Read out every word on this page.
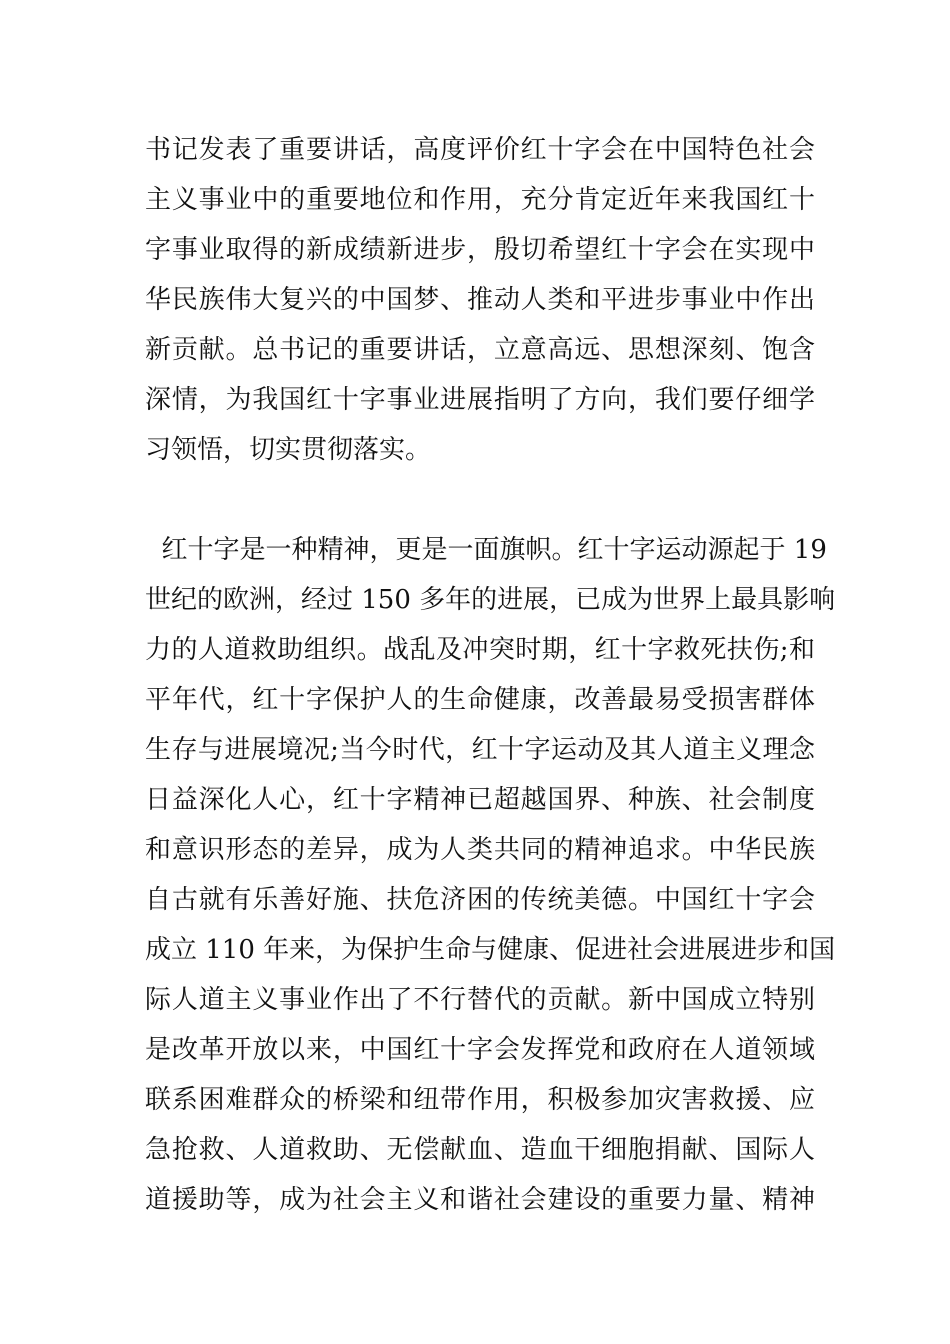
书记发表了重要讲话，高度评价红十字会在中国特色社会

主义事业中的重要地位和作用，充分肯定近年来我国红十

字事业取得的新成绩新进步，殷切希望红十字会在实现中

华民族伟大复兴的中国梦、推动人类和平进步事业中作出

新贡献。总书记的重要讲话，立意高远、思想深刻、饱含

深情，为我国红十字事业进展指明了方向，我们要仔细学

习领悟，切实贯彻落实。

红十字是一种精神，更是一面旗帜。红十字运动源起于 19

世纪的欧洲，经过 150 多年的进展，已成为世界上最具影响

力的人道救助组织。战乱及冲突时期，红十字救死扶伤;和

平年代，红十字保护人的生命健康，改善最易受损害群体

生存与进展境况;当今时代，红十字运动及其人道主义理念

日益深化人心，红十字精神已超越国界、种族、社会制度

和意识形态的差异，成为人类共同的精神追求。中华民族

自古就有乐善好施、扶危济困的传统美德。中国红十字会

成立 110 年来，为保护生命与健康、促进社会进展进步和国

际人道主义事业作出了不行替代的贡献。新中国成立特别

是改革开放以来，中国红十字会发挥党和政府在人道领域

联系困难群众的桥梁和纽带作用，积极参加灾害救援、应

急抢救、人道救助、无偿献血、造血干细胞捐献、国际人

道援助等，成为社会主义和谐社会建设的重要力量、精神
